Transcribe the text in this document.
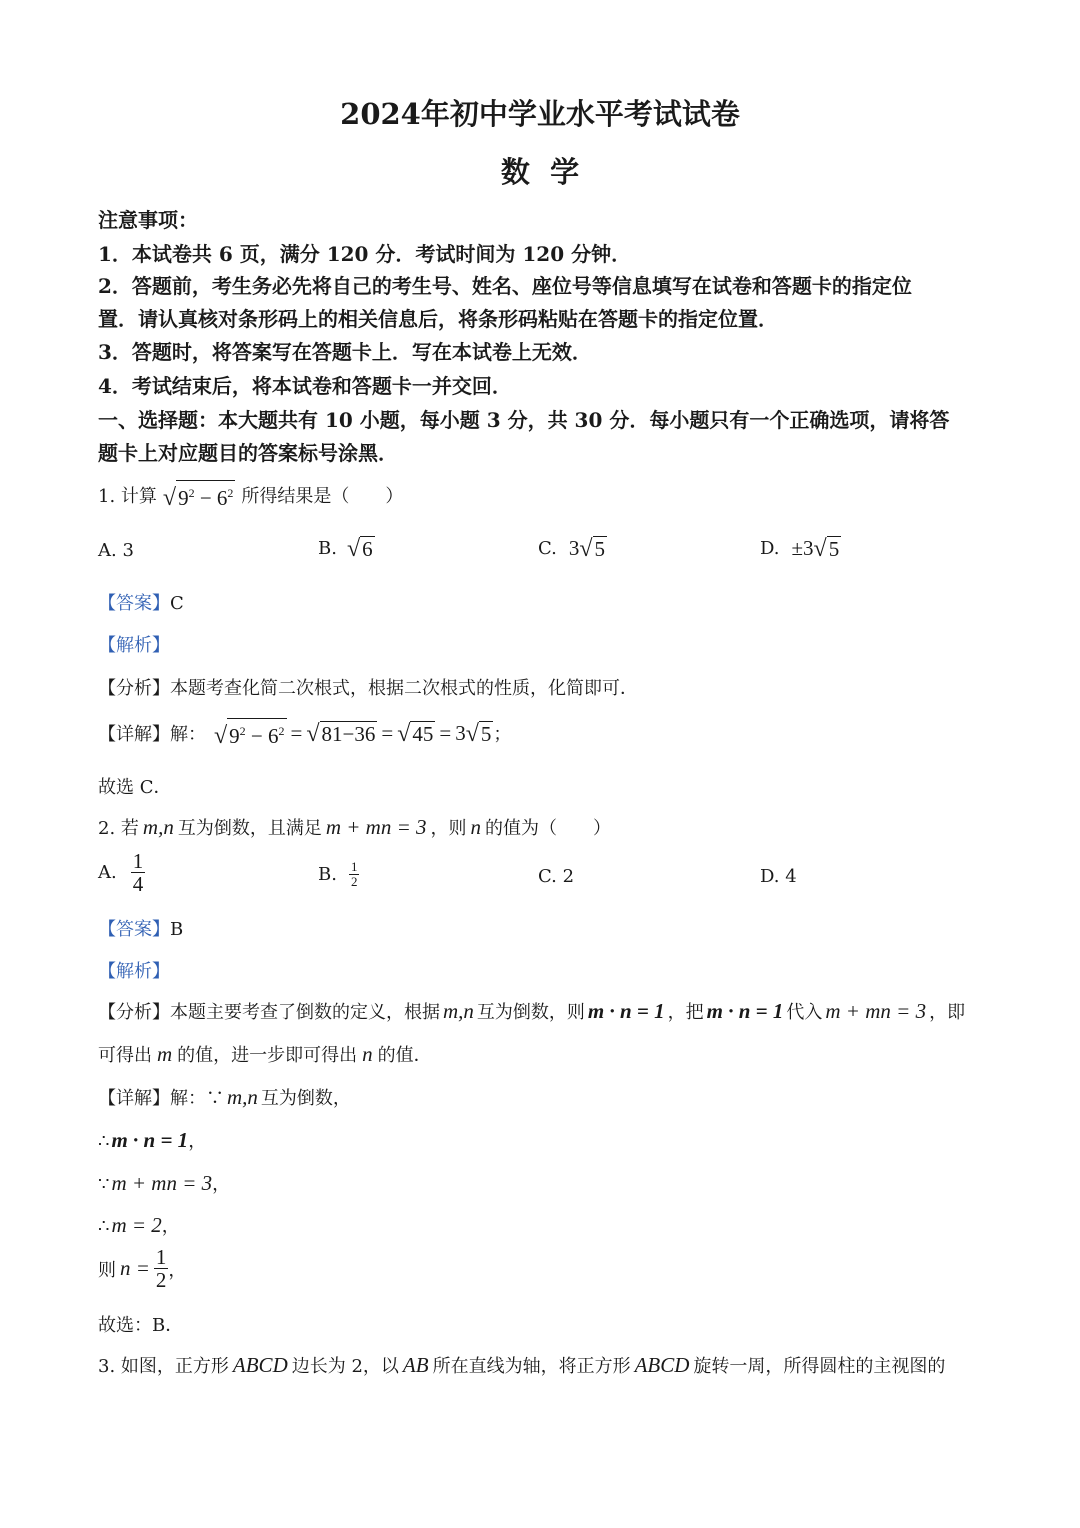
2024年初中学业水平考试试卷
数  学
注意事项：
1．本试卷共 6 页，满分 120 分．考试时间为 120 分钟．
2．答题前，考生务必先将自己的考生号、姓名、座位号等信息填写在试卷和答题卡的指定位
置．请认真核对条形码上的相关信息后，将条形码粘贴在答题卡的指定位置．
3．答题时，将答案写在答题卡上．写在本试卷上无效．
4．考试结束后，将本试卷和答题卡一并交回．
一、选择题：本大题共有 10 小题，每小题 3 分，共 30 分．每小题只有一个正确选项，请将答
题卡上对应题目的答案标号涂黑．
1. 计算 √ $9^2 - 6^2$ 所得结果是（　　）
A. 3	B. √ 6	C. 3 √ 5	D. ±3 √ 5
【答案】C
【解析】
【分析】本题考查化简二次根式，根据二次根式的性质，化简即可．
【详解】 解： √ $9^2 - 6^2$ = √ 81−36 = √ 45 = 3 √ 5 ；
故选 C．
2. 若 m,n 互为倒数，且满足 m + mn = 3 ，则 n 的值为（　　）
A. $\frac{1}{4}$	B. $\frac{1}{2}$	C. 2	D. 4
【答案】B
【解析】
【分析】 本题主要考查了倒数的定义，根据 m,n 互为倒数，则 m · n = 1 ，把 m · n = 1 代入 m + mn = 3 ，即
可得出 m 的值，进一步即可得出 n 的值．
【详解】 解：∵ m,n 互为倒数，
∴ m · n = 1 ，
∵ m + mn = 3 ，
∴ m = 2 ，
则 $n = \frac{1}{2}$ ，
故选：B．
3. 如图，正方形 ABCD 边长为 2，以 AB 所在直线为轴，将正方形 ABCD 旋转一周，所得圆柱的主视图的
